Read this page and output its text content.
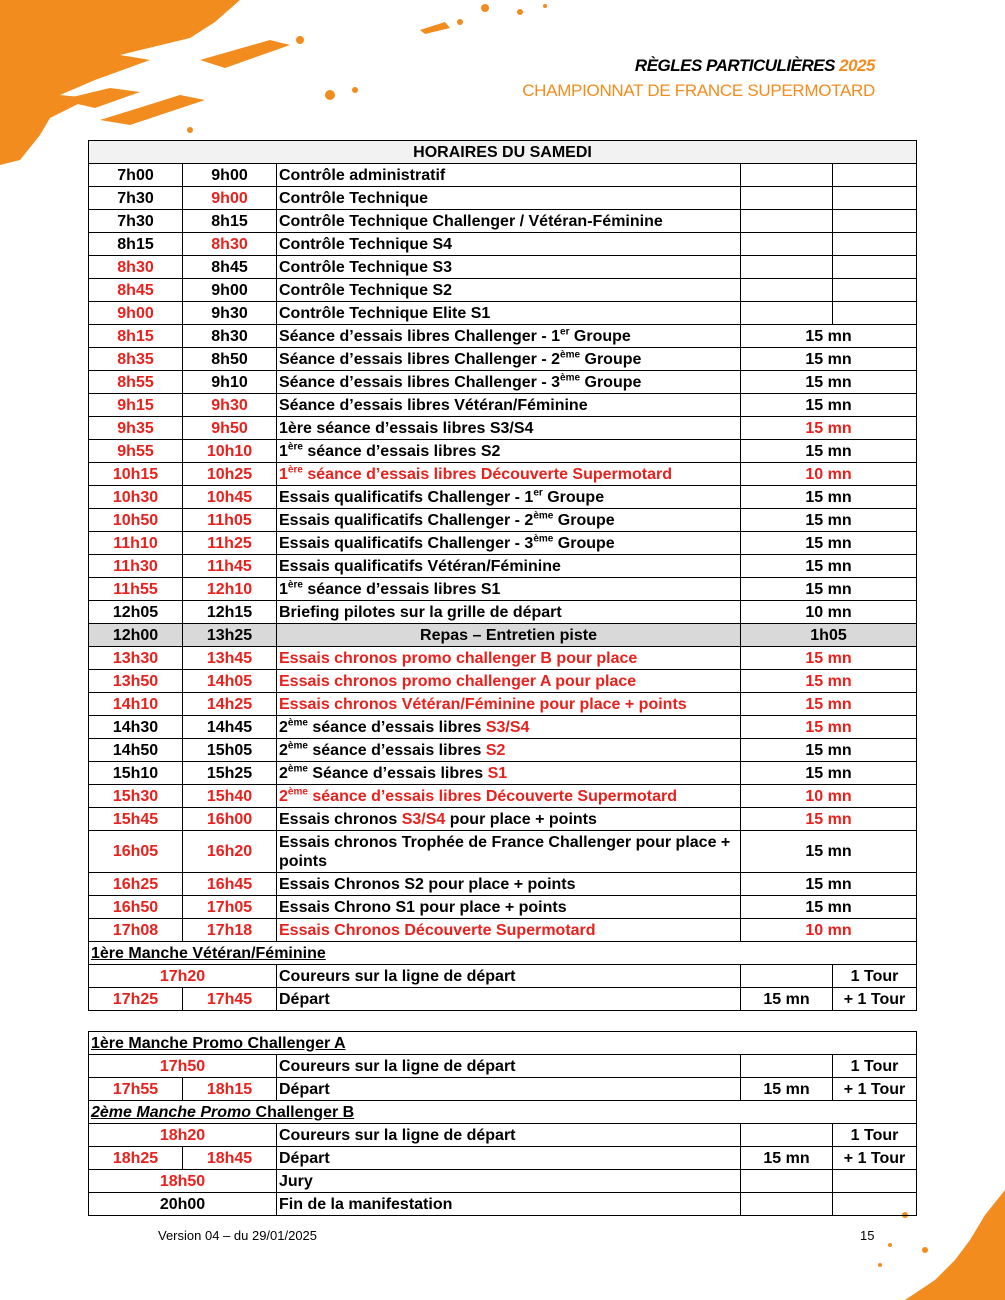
RÈGLES PARTICULIÈRES 2025
CHAMPIONNAT DE FRANCE SUPERMOTARD
HORAIRES DU SAMEDI				
7h00	9h00	Contrôle administratif		
7h30	9h00	Contrôle Technique		
7h30	8h15	Contrôle Technique Challenger / Vétéran-Féminine		
8h15	8h30	Contrôle Technique S4		
8h30	8h45	Contrôle Technique S3		
8h45	9h00	Contrôle Technique S2		
9h00	9h30	Contrôle Technique Elite S1		
8h15	8h30	Séance d’essais libres Challenger - 1er Groupe	15 mn	
8h35	8h50	Séance d’essais libres Challenger - 2ème Groupe	15 mn	
8h55	9h10	Séance d’essais libres Challenger - 3ème Groupe	15 mn	
9h15	9h30	Séance d’essais libres Vétéran/Féminine	15 mn	
9h35	9h50	1ère séance d’essais libres S3/S4	15 mn	
9h55	10h10	1ère séance d’essais libres S2	15 mn	
10h15	10h25	1ère séance d’essais libres Découverte Supermotard	10 mn	
10h30	10h45	Essais qualificatifs Challenger - 1er Groupe	15 mn	
10h50	11h05	Essais qualificatifs Challenger - 2ème Groupe	15 mn	
11h10	11h25	Essais qualificatifs Challenger - 3ème Groupe	15 mn	
11h30	11h45	Essais qualificatifs Vétéran/Féminine	15 mn	
11h55	12h10	1ère séance d’essais libres S1	15 mn	
12h05	12h15	Briefing pilotes sur la grille de départ	10 mn	
12h00	13h25	Repas – Entretien piste	1h05	
13h30	13h45	Essais chronos promo challenger B pour place	15 mn	
13h50	14h05	Essais chronos promo challenger A pour place	15 mn	
14h10	14h25	Essais chronos Vétéran/Féminine pour place + points	15 mn	
14h30	14h45	2ème séance d’essais libres S3/S4	15 mn	
14h50	15h05	2ème séance d’essais libres S2	15 mn	
15h10	15h25	2ème Séance d’essais libres S1	15 mn	
15h30	15h40	2ème séance d’essais libres Découverte Supermotard	10 mn	
15h45	16h00	Essais chronos S3/S4 pour place + points	15 mn	
16h05	16h20	Essais chronos Trophée de France Challenger pour place + points	15 mn	
16h25	16h45	Essais Chronos S2 pour place + points	15 mn	
16h50	17h05	Essais Chrono S1 pour place + points	15 mn	
17h08	17h18	Essais Chronos Découverte Supermotard	10 mn	
1ère Manche Vétéran/Féminine				
17h20		Coureurs sur la ligne de départ		1 Tour
17h25	17h45	Départ	15 mn	+ 1 Tour
1ère Manche Promo Challenger A				
17h50		Coureurs sur la ligne de départ		1 Tour
17h55	18h15	Départ	15 mn	+ 1 Tour
2ème Manche Promo Challenger B				
18h20		Coureurs sur la ligne de départ		1 Tour
18h25	18h45	Départ	15 mn	+ 1 Tour
18h50		Jury		
20h00		Fin de la manifestation		
Version 04 – du 29/01/2025	15
